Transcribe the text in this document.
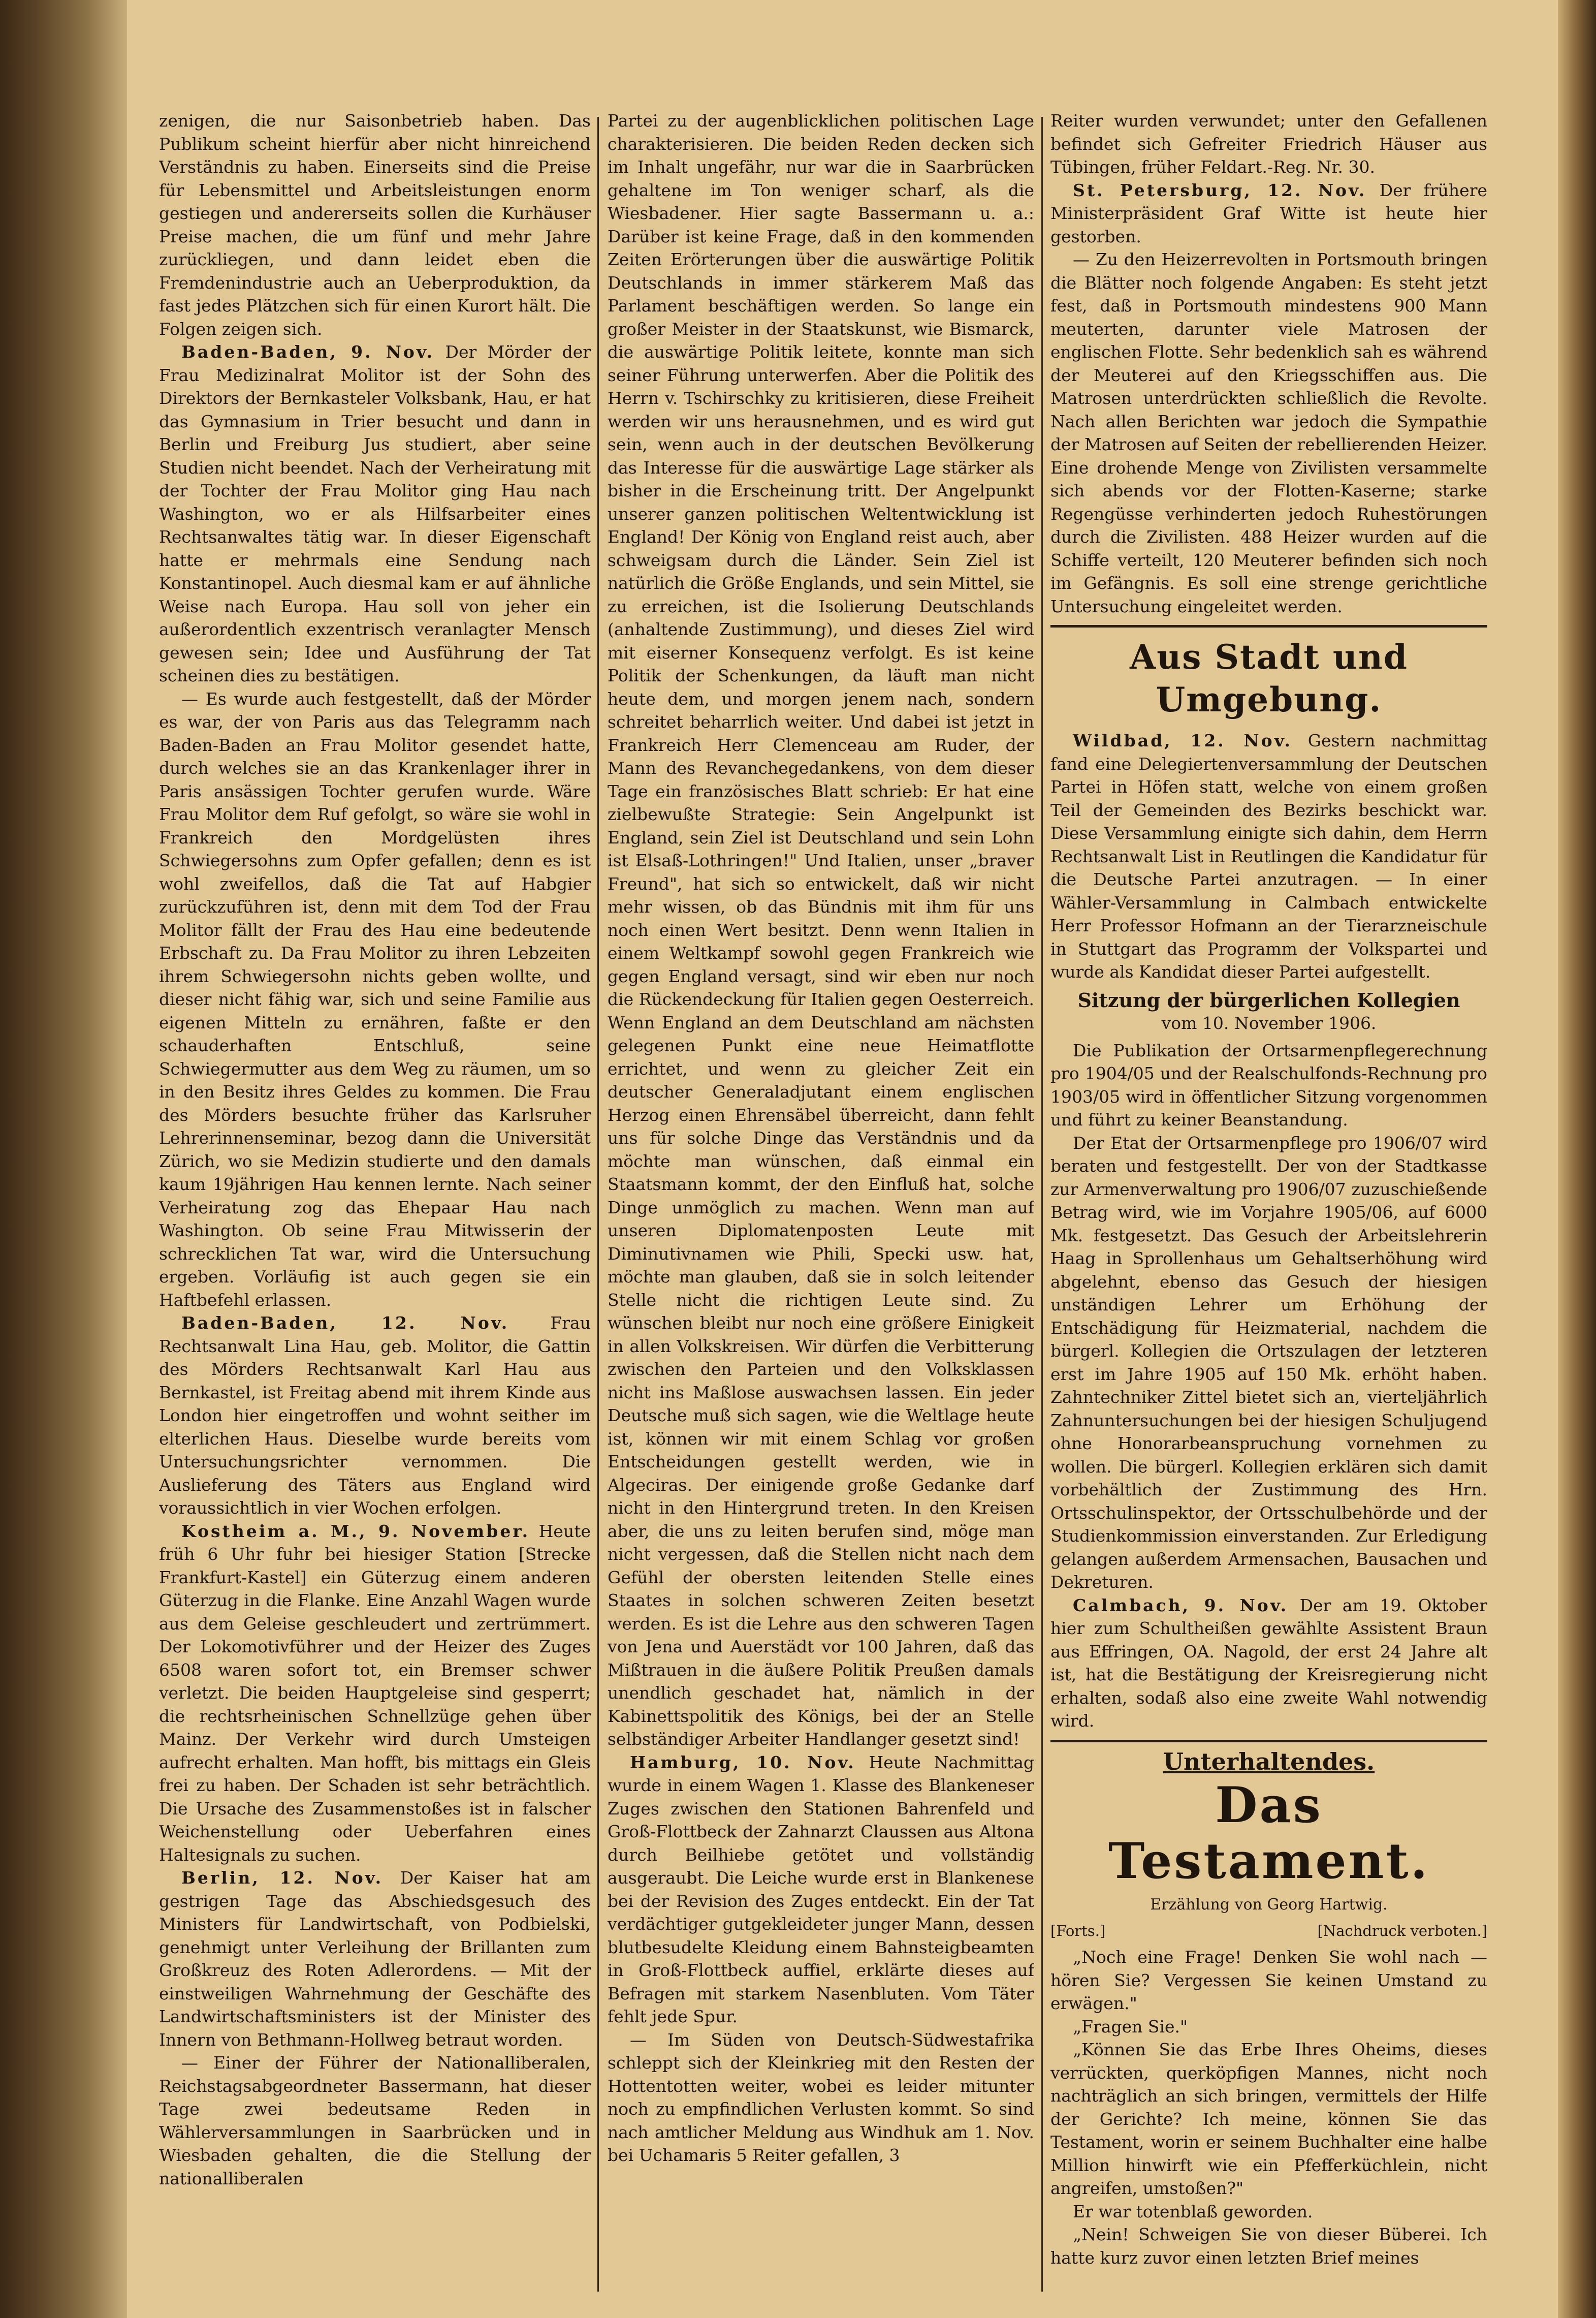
zenigen, die nur Saisonbetrieb haben. Das Publikum scheint hierfür aber nicht hinreichend Verständnis zu haben. Einerseits sind die Preise für Lebensmittel und Arbeitsleistungen enorm gestiegen und andererseits sollen die Kurhäuser Preise machen, die um fünf und mehr Jahre zurückliegen, und dann leidet eben die Fremdenindustrie auch an Ueberproduktion, da fast jedes Plätzchen sich für einen Kurort hält. Die Folgen zeigen sich.

Baden-Baden, 9. Nov. Der Mörder der Frau Medizinalrat Molitor ist der Sohn des Direktors der Bernkasteler Volksbank, Hau, er hat das Gymnasium in Trier besucht und dann in Berlin und Freiburg Jus studiert, aber seine Studien nicht beendet. Nach der Verheiratung mit der Tochter der Frau Molitor ging Hau nach Washington, wo er als Hilfsarbeiter eines Rechtsanwaltes tätig war. In dieser Eigenschaft hatte er mehrmals eine Sendung nach Konstantinopel. Auch diesmal kam er auf ähnliche Weise nach Europa. Hau soll von jeher ein außerordentlich exzentrisch veranlagter Mensch gewesen sein; Idee und Ausführung der Tat scheinen dies zu bestätigen.

— Es wurde auch festgestellt, daß der Mörder es war, der von Paris aus das Telegramm nach Baden-Baden an Frau Molitor gesendet hatte, durch welches sie an das Krankenlager ihrer in Paris ansässigen Tochter gerufen wurde. Wäre Frau Molitor dem Ruf gefolgt, so wäre sie wohl in Frankreich den Mordgelüsten ihres Schwiegersohns zum Opfer gefallen; denn es ist wohl zweifellos, daß die Tat auf Habgier zurückzuführen ist, denn mit dem Tod der Frau Molitor fällt der Frau des Hau eine bedeutende Erbschaft zu. Da Frau Molitor zu ihren Lebzeiten ihrem Schwiegersohn nichts geben wollte, und dieser nicht fähig war, sich und seine Familie aus eigenen Mitteln zu ernähren, faßte er den schauderhaften Entschluß, seine Schwiegermutter aus dem Weg zu räumen, um so in den Besitz ihres Geldes zu kommen. Die Frau des Mörders besuchte früher das Karlsruher Lehrerinnenseminar, bezog dann die Universität Zürich, wo sie Medizin studierte und den damals kaum 19jährigen Hau kennen lernte. Nach seiner Verheiratung zog das Ehepaar Hau nach Washington. Ob seine Frau Mitwisserin der schrecklichen Tat war, wird die Untersuchung ergeben. Vorläufig ist auch gegen sie ein Haftbefehl erlassen.

Baden-Baden, 12. Nov. Frau Rechtsanwalt Lina Hau, geb. Molitor, die Gattin des Mörders Rechtsanwalt Karl Hau aus Bernkastel, ist Freitag abend mit ihrem Kinde aus London hier eingetroffen und wohnt seither im elterlichen Haus. Dieselbe wurde bereits vom Untersuchungsrichter vernommen. Die Auslieferung des Täters aus England wird voraussichtlich in vier Wochen erfolgen.

Kostheim a. M., 9. November. Heute früh 6 Uhr fuhr bei hiesiger Station [Strecke Frankfurt-Kastel] ein Güterzug einem anderen Güterzug in die Flanke. Eine Anzahl Wagen wurde aus dem Geleise geschleudert und zertrümmert. Der Lokomotivführer und der Heizer des Zuges 6508 waren sofort tot, ein Bremser schwer verletzt. Die beiden Hauptgeleise sind gesperrt; die rechtsrheinischen Schnellzüge gehen über Mainz. Der Verkehr wird durch Umsteigen aufrecht erhalten. Man hofft, bis mittags ein Gleis frei zu haben. Der Schaden ist sehr beträchtlich. Die Ursache des Zusammenstoßes ist in falscher Weichenstellung oder Ueberfahren eines Haltesignals zu suchen.

Berlin, 12. Nov. Der Kaiser hat am gestrigen Tage das Abschiedsgesuch des Ministers für Landwirtschaft, von Podbielski, genehmigt unter Verleihung der Brillanten zum Großkreuz des Roten Adlerordens. — Mit der einstweiligen Wahrnehmung der Geschäfte des Landwirtschaftsministers ist der Minister des Innern von Bethmann-Hollweg betraut worden.

— Einer der Führer der Nationalliberalen, Reichstagsabgeordneter Bassermann, hat dieser Tage zwei bedeutsame Reden in Wählerversammlungen in Saarbrücken und in Wiesbaden gehalten, die die Stellung der nationalliberalen

Partei zu der augenblicklichen politischen Lage charakterisieren. Die beiden Reden decken sich im Inhalt ungefähr, nur war die in Saarbrücken gehaltene im Ton weniger scharf, als die Wiesbadener. Hier sagte Bassermann u. a.: Darüber ist keine Frage, daß in den kommenden Zeiten Erörterungen über die auswärtige Politik Deutschlands in immer stärkerem Maß das Parlament beschäftigen werden. So lange ein großer Meister in der Staatskunst, wie Bismarck, die auswärtige Politik leitete, konnte man sich seiner Führung unterwerfen. Aber die Politik des Herrn v. Tschirschky zu kritisieren, diese Freiheit werden wir uns herausnehmen, und es wird gut sein, wenn auch in der deutschen Bevölkerung das Interesse für die auswärtige Lage stärker als bisher in die Erscheinung tritt. Der Angelpunkt unserer ganzen politischen Weltentwicklung ist England! Der König von England reist auch, aber schweigsam durch die Länder. Sein Ziel ist natürlich die Größe Englands, und sein Mittel, sie zu erreichen, ist die Isolierung Deutschlands (anhaltende Zustimmung), und dieses Ziel wird mit eiserner Konsequenz verfolgt. Es ist keine Politik der Schenkungen, da läuft man nicht heute dem, und morgen jenem nach, sondern schreitet beharrlich weiter. Und dabei ist jetzt in Frankreich Herr Clemenceau am Ruder, der Mann des Revanchegedankens, von dem dieser Tage ein französisches Blatt schrieb: Er hat eine zielbewußte Strategie: Sein Angelpunkt ist England, sein Ziel ist Deutschland und sein Lohn ist Elsaß-Lothringen!" Und Italien, unser „braver Freund", hat sich so entwickelt, daß wir nicht mehr wissen, ob das Bündnis mit ihm für uns noch einen Wert besitzt. Denn wenn Italien in einem Weltkampf sowohl gegen Frankreich wie gegen England versagt, sind wir eben nur noch die Rückendeckung für Italien gegen Oesterreich. Wenn England an dem Deutschland am nächsten gelegenen Punkt eine neue Heimatflotte errichtet, und wenn zu gleicher Zeit ein deutscher Generaladjutant einem englischen Herzog einen Ehrensäbel überreicht, dann fehlt uns für solche Dinge das Verständnis und da möchte man wünschen, daß einmal ein Staatsmann kommt, der den Einfluß hat, solche Dinge unmöglich zu machen. Wenn man auf unseren Diplomatenposten Leute mit Diminutivnamen wie Phili, Specki usw. hat, möchte man glauben, daß sie in solch leitender Stelle nicht die richtigen Leute sind. Zu wünschen bleibt nur noch eine größere Einigkeit in allen Volkskreisen. Wir dürfen die Verbitterung zwischen den Parteien und den Volksklassen nicht ins Maßlose auswachsen lassen. Ein jeder Deutsche muß sich sagen, wie die Weltlage heute ist, können wir mit einem Schlag vor großen Entscheidungen gestellt werden, wie in Algeciras. Der einigende große Gedanke darf nicht in den Hintergrund treten. In den Kreisen aber, die uns zu leiten berufen sind, möge man nicht vergessen, daß die Stellen nicht nach dem Gefühl der obersten leitenden Stelle eines Staates in solchen schweren Zeiten besetzt werden. Es ist die Lehre aus den schweren Tagen von Jena und Auerstädt vor 100 Jahren, daß das Mißtrauen in die äußere Politik Preußen damals unendlich geschadet hat, nämlich in der Kabinettspolitik des Königs, bei der an Stelle selbständiger Arbeiter Handlanger gesetzt sind!

Hamburg, 10. Nov. Heute Nachmittag wurde in einem Wagen 1. Klasse des Blankeneser Zuges zwischen den Stationen Bahrenfeld und Groß-Flottbeck der Zahnarzt Claussen aus Altona durch Beilhiebe getötet und vollständig ausgeraubt. Die Leiche wurde erst in Blankenese bei der Revision des Zuges entdeckt. Ein der Tat verdächtiger gutgekleideter junger Mann, dessen blutbesudelte Kleidung einem Bahnsteigbeamten in Groß-Flottbeck auffiel, erklärte dieses auf Befragen mit starkem Nasenbluten. Vom Täter fehlt jede Spur.

— Im Süden von Deutsch-Südwestafrika schleppt sich der Kleinkrieg mit den Resten der Hottentotten weiter, wobei es leider mitunter noch zu empfindlichen Verlusten kommt. So sind nach amtlicher Meldung aus Windhuk am 1. Nov. bei Uchamaris 5 Reiter gefallen, 3

Reiter wurden verwundet; unter den Gefallenen befindet sich Gefreiter Friedrich Häuser aus Tübingen, früher Feldart.-Reg. Nr. 30.

St. Petersburg, 12. Nov. Der frühere Ministerpräsident Graf Witte ist heute hier gestorben.

— Zu den Heizerrevolten in Portsmouth bringen die Blätter noch folgende Angaben: Es steht jetzt fest, daß in Portsmouth mindestens 900 Mann meuterten, darunter viele Matrosen der englischen Flotte. Sehr bedenklich sah es während der Meuterei auf den Kriegsschiffen aus. Die Matrosen unterdrückten schließlich die Revolte. Nach allen Berichten war jedoch die Sympathie der Matrosen auf Seiten der rebellierenden Heizer. Eine drohende Menge von Zivilisten versammelte sich abends vor der Flotten-Kaserne; starke Regengüsse verhinderten jedoch Ruhestörungen durch die Zivilisten. 488 Heizer wurden auf die Schiffe verteilt, 120 Meuterer befinden sich noch im Gefängnis. Es soll eine strenge gerichtliche Untersuchung eingeleitet werden.

Aus Stadt und Umgebung.

Wildbad, 12. Nov. Gestern nachmittag fand eine Delegiertenversammlung der Deutschen Partei in Höfen statt, welche von einem großen Teil der Gemeinden des Bezirks beschickt war. Diese Versammlung einigte sich dahin, dem Herrn Rechtsanwalt List in Reutlingen die Kandidatur für die Deutsche Partei anzutragen. — In einer Wähler-Versammlung in Calmbach entwickelte Herr Professor Hofmann an der Tierarzneischule in Stuttgart das Programm der Volkspartei und wurde als Kandidat dieser Partei aufgestellt.

Sitzung der bürgerlichen Kollegien
vom 10. November 1906.

Die Publikation der Ortsarmenpflegerechnung pro 1904/05 und der Realschulfonds-Rechnung pro 1903/05 wird in öffentlicher Sitzung vorgenommen und führt zu keiner Beanstandung.

Der Etat der Ortsarmenpflege pro 1906/07 wird beraten und festgestellt. Der von der Stadtkasse zur Armenverwaltung pro 1906/07 zuzuschießende Betrag wird, wie im Vorjahre 1905/06, auf 6000 Mk. festgesetzt. Das Gesuch der Arbeitslehrerin Haag in Sprollenhaus um Gehaltserhöhung wird abgelehnt, ebenso das Gesuch der hiesigen unständigen Lehrer um Erhöhung der Entschädigung für Heizmaterial, nachdem die bürgerl. Kollegien die Ortszulagen der letzteren erst im Jahre 1905 auf 150 Mk. erhöht haben. Zahntechniker Zittel bietet sich an, vierteljährlich Zahnuntersuchungen bei der hiesigen Schuljugend ohne Honorarbeanspruchung vornehmen zu wollen. Die bürgerl. Kollegien erklären sich damit vorbehältlich der Zustimmung des Hrn. Ortsschulinspektor, der Ortsschulbehörde und der Studienkommission einverstanden. Zur Erledigung gelangen außerdem Armensachen, Bausachen und Dekreturen.

Calmbach, 9. Nov. Der am 19. Oktober hier zum Schultheißen gewählte Assistent Braun aus Effringen, OA. Nagold, der erst 24 Jahre alt ist, hat die Bestätigung der Kreisregierung nicht erhalten, sodaß also eine zweite Wahl notwendig wird.

Unterhaltendes.
Das Testament.
Erzählung von Georg Hartwig.
[Forts.]	[Nachdruck verboten.]

„Noch eine Frage! Denken Sie wohl nach — hören Sie? Vergessen Sie keinen Umstand zu erwägen."

„Fragen Sie."

„Können Sie das Erbe Ihres Oheims, dieses verrückten, querköpfigen Mannes, nicht noch nachträglich an sich bringen, vermittels der Hilfe der Gerichte? Ich meine, können Sie das Testament, worin er seinem Buchhalter eine halbe Million hinwirft wie ein Pfefferküchlein, nicht angreifen, umstoßen?"

Er war totenblaß geworden.

„Nein! Schweigen Sie von dieser Büberei. Ich hatte kurz zuvor einen letzten Brief meines
